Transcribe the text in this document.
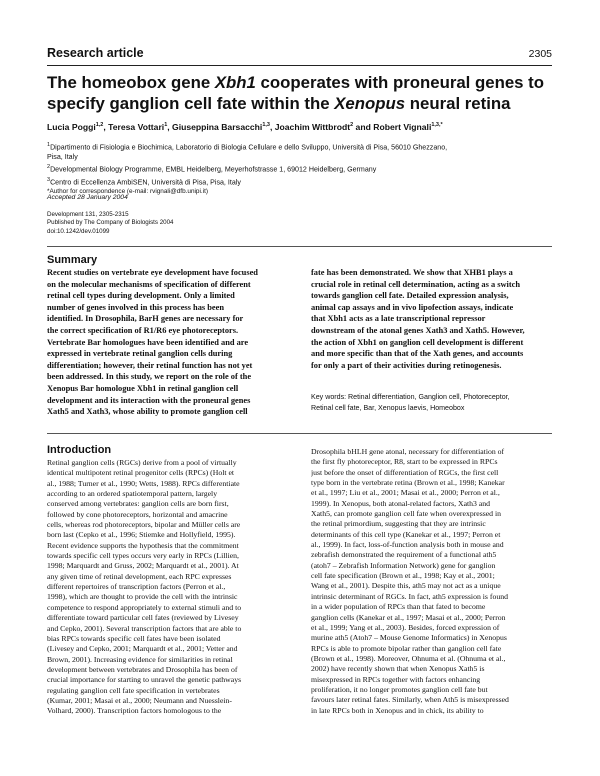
Research article	2305
The homeobox gene Xbh1 cooperates with proneural genes to
specify ganglion cell fate within the Xenopus neural retina
Lucia Poggi$^{1,2}$, Teresa Vottari$^1$, Giuseppina Barsacchi$^{1,3}$, Joachim Wittbrodt$^2$ and Robert Vignali$^{1,3,*}$
$^1$Dipartimento di Fisiologia e Biochimica, Laboratorio di Biologia Cellulare e dello Sviluppo, Università di Pisa, 56010 Ghezzano,
Pisa, Italy
$^2$Developmental Biology Programme, EMBL Heidelberg, Meyerhofstrasse 1, 69012 Heidelberg, Germany
$^3$Centro di Eccellenza AmbiSEN, Università di Pisa, Pisa, Italy
*Author for correspondence (e-mail: rvignali@dfb.unipi.it)
Accepted 28 January 2004
Development 131, 2305-2315
Published by The Company of Biologists 2004
doi:10.1242/dev.01099
Summary
Recent studies on vertebrate eye development have focused
on the molecular mechanisms of specification of different
retinal cell types during development. Only a limited
number of genes involved in this process has been
identified. In Drosophila, BarH genes are necessary for
the correct specification of R1/R6 eye photoreceptors.
Vertebrate Bar homologues have been identified and are
expressed in vertebrate retinal ganglion cells during
differentiation; however, their retinal function has not yet
been addressed. In this study, we report on the role of the
Xenopus Bar homologue Xbh1 in retinal ganglion cell
development and its interaction with the proneural genes
Xath5 and Xath3, whose ability to promote ganglion cell
fate has been demonstrated. We show that XHB1 plays a
crucial role in retinal cell determination, acting as a switch
towards ganglion cell fate. Detailed expression analysis,
animal cap assays and in vivo lipofection assays, indicate
that Xbh1 acts as a late transcriptional repressor
downstream of the atonal genes Xath3 and Xath5. However,
the action of Xbh1 on ganglion cell development is different
and more specific than that of the Xath genes, and accounts
for only a part of their activities during retinogenesis.
Key words: Retinal differentiation, Ganglion cell, Photoreceptor,
Retinal cell fate, Bar, Xenopus laevis, Homeobox
Introduction
Retinal ganglion cells (RGCs) derive from a pool of virtually
identical multipotent retinal progenitor cells (RPCs) (Holt et
al., 1988; Turner et al., 1990; Wetts, 1988). RPCs differentiate
according to an ordered spatiotemporal pattern, largely
conserved among vertebrates: ganglion cells are born first,
followed by cone photoreceptors, horizontal and amacrine
cells, whereas rod photoreceptors, bipolar and Müller cells are
born last (Cepko et al., 1996; Stiemke and Hollyfield, 1995).
Recent evidence supports the hypothesis that the commitment
towards specific cell types occurs very early in RPCs (Lillien,
1998; Marquardt and Gruss, 2002; Marquardt et al., 2001). At
any given time of retinal development, each RPC expresses
different repertoires of transcription factors (Perron et al.,
1998), which are thought to provide the cell with the intrinsic
competence to respond appropriately to external stimuli and to
differentiate toward particular cell fates (reviewed by Livesey
and Cepko, 2001). Several transcription factors that are able to
bias RPCs towards specific cell fates have been isolated
(Livesey and Cepko, 2001; Marquardt et al., 2001; Vetter and
Brown, 2001). Increasing evidence for similarities in retinal
development between vertebrates and Drosophila has been of
crucial importance for starting to unravel the genetic pathways
regulating ganglion cell fate specification in vertebrates
(Kumar, 2001; Masai et al., 2000; Neumann and Nuesslein-
Volhard, 2000). Transcription factors homologous to the
Drosophila bHLH gene atonal, necessary for differentiation of
the first fly photoreceptor, R8, start to be expressed in RPCs
just before the onset of differentiation of RGCs, the first cell
type born in the vertebrate retina (Brown et al., 1998; Kanekar
et al., 1997; Liu et al., 2001; Masai et al., 2000; Perron et al.,
1999). In Xenopus, both atonal-related factors, Xath3 and
Xath5, can promote ganglion cell fate when overexpressed in
the retinal primordium, suggesting that they are intrinsic
determinants of this cell type (Kanekar et al., 1997; Perron et
al., 1999). In fact, loss-of-function analysis both in mouse and
zebrafish demonstrated the requirement of a functional ath5
(atoh7 – Zebrafish Information Network) gene for ganglion
cell fate specification (Brown et al., 1998; Kay et al., 2001;
Wang et al., 2001). Despite this, ath5 may not act as a unique
intrinsic determinant of RGCs. In fact, ath5 expression is found
in a wider population of RPCs than that fated to become
ganglion cells (Kanekar et al., 1997; Masai et al., 2000; Perron
et al., 1999; Yang et al., 2003). Besides, forced expression of
murine ath5 (Atoh7 – Mouse Genome Informatics) in Xenopus
RPCs is able to promote bipolar rather than ganglion cell fate
(Brown et al., 1998). Moreover, Ohnuma et al. (Ohnuma et al.,
2002) have recently shown that when Xenopus Xath5 is
misexpressed in RPCs together with factors enhancing
proliferation, it no longer promotes ganglion cell fate but
favours later retinal fates. Similarly, when Ath5 is misexpressed
in late RPCs both in Xenopus and in chick, its ability to
